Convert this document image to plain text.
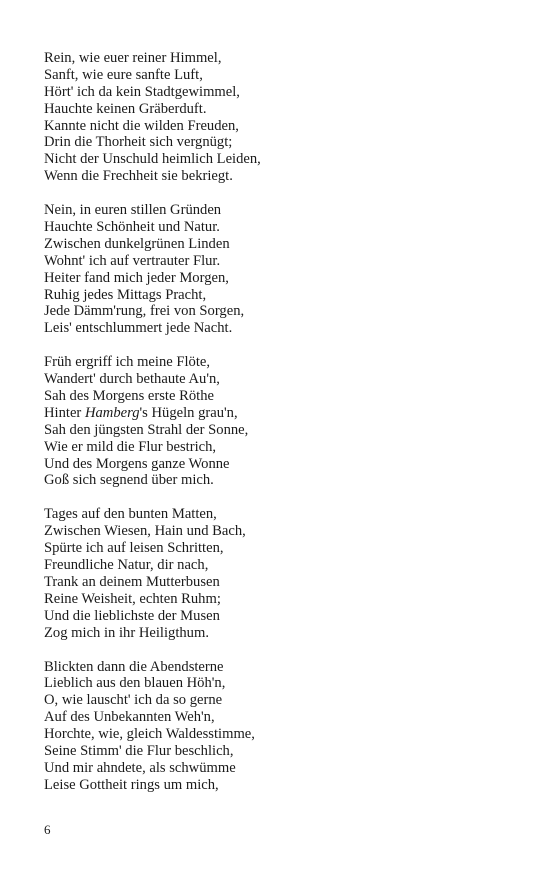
Rein, wie euer reiner Himmel,
Sanft, wie eure sanfte Luft,
Hört' ich da kein Stadtgewimmel,
Hauchte keinen Gräberduft.
Kannte nicht die wilden Freuden,
Drin die Thorheit sich vergnügt;
Nicht der Unschuld heimlich Leiden,
Wenn die Frechheit sie bekriegt.
Nein, in euren stillen Gründen
Hauchte Schönheit und Natur.
Zwischen dunkelgrünen Linden
Wohnt' ich auf vertrauter Flur.
Heiter fand mich jeder Morgen,
Ruhig jedes Mittags Pracht,
Jede Dämm'rung, frei von Sorgen,
Leis' entschlummert jede Nacht.
Früh ergriff ich meine Flöte,
Wandert' durch bethaute Au'n,
Sah des Morgens erste Röthe
Hinter Hamberg's Hügeln grau'n,
Sah den jüngsten Strahl der Sonne,
Wie er mild die Flur bestrich,
Und des Morgens ganze Wonne
Goß sich segnend über mich.
Tages auf den bunten Matten,
Zwischen Wiesen, Hain und Bach,
Spürte ich auf leisen Schritten,
Freundliche Natur, dir nach,
Trank an deinem Mutterbusen
Reine Weisheit, echten Ruhm;
Und die lieblichste der Musen
Zog mich in ihr Heiligthum.
Blickten dann die Abendsterne
Lieblich aus den blauen Höh'n,
O, wie lauscht' ich da so gerne
Auf des Unbekannten Weh'n,
Horchte, wie, gleich Waldesstimme,
Seine Stimm' die Flur beschlich,
Und mir ahndete, als schwümme
Leise Gottheit rings um mich,
6
